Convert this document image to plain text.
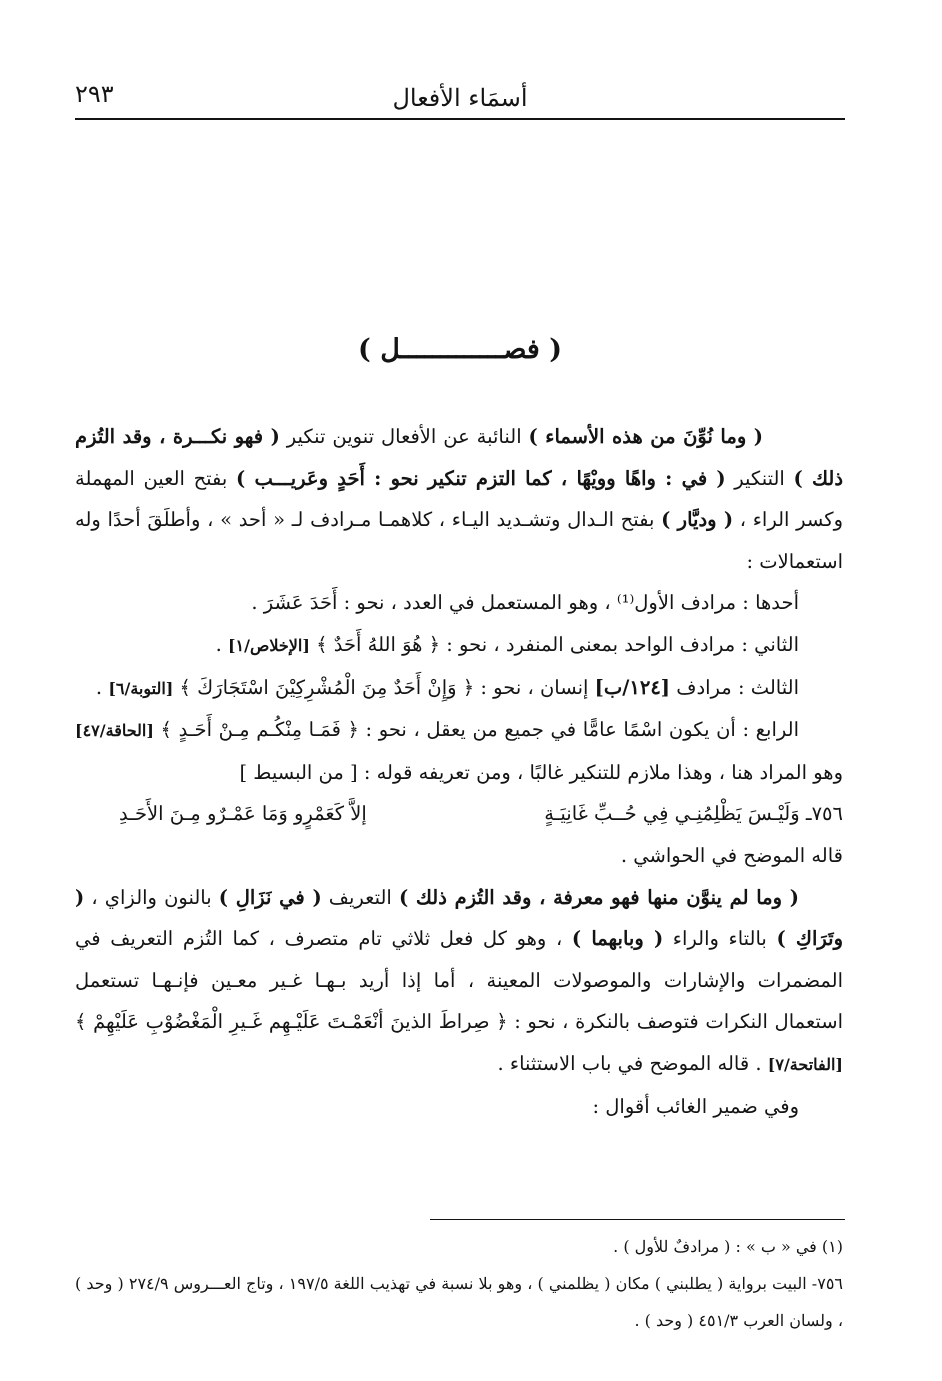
أسمَاء الأفعال
٢٩٣
( فصـــــــــــــل )

( وما نُوِّنَ من هذه الأسماء ) النائبة عن الأفعال تنوين تنكير ( فهو نكـــرة ، وقد التُزم ذلك ) التنكير ( في : واهًا وويْهًا ، كما التزم تنكير نحو : أَحَدٍ وعَريـــب ) بفتح العين المهملة وكسر الراء ، ( وديَّار ) بفتح الـدال وتشـديد اليـاء ، كلاهمـا مـرادف لـ « أحد » ، وأطلَقَ أحدًا وله استعمالات :

أحدها : مرادف الأول⁽¹⁾ ، وهو المستعمل في العدد ، نحو : أَحَدَ عَشَرَ .

الثاني : مرادف الواحد بمعنى المنفرد ، نحو : ﴿ هُوَ اللهُ أَحَدٌ ﴾ [الإخلاص/١] .

الثالث : مرادف [١٢٤/ب] إنسان ، نحو : ﴿ وَإِنْ أَحَدٌ مِنَ الْمُشْرِكِيْنَ اسْتَجَارَكَ ﴾ [التوبة/٦] .

الرابع : أن يكون اسْمًا عامًّا في جميع من يعقل ، نحو : ﴿ فَمَـا مِنْكُـم مِـنْ أَحَـدٍ ﴾ [الحاقة/٤٧] وهو المراد هنا ، وهذا ملازم للتنكير غالبًا ، ومن تعريفه قوله : [ من البسيط ]

٧٥٦ـ وَلَيْـسَ يَظْلِمُنِـي فِي حُــبِّ غَانِيَـةٍ
إلاَّ كَعَمْرٍو وَمَا عَمْـرٌو مِـنَ الأَحَـدِ

قاله الموضح في الحواشي .

( وما لم ينوَّن منها فهو معرفة ، وقد التُزم ذلك ) التعريف ( في نَزَالِ ) بالنون والزاي ، ( وتَرَاكِ ) بالتاء والراء ( وبابهما ) ، وهو كل فعل ثلاثي تام متصرف ، كما التُزم التعريف في المضمرات والإشارات والموصولات المعينة ، أما إذا أريد بـهـا غـير معـين فإنـهـا تستعمل استعمال النكرات فتوصف بالنكرة ، نحو : ﴿ صِراطَ الذينَ أنْعَمْـتَ عَلَيْـهِم غَـيرِ الْمَغْضُوْبِ عَلَيْهِمْ ﴾ [الفاتحة/٧] . قاله الموضح في باب الاستثناء .

وفي ضمير الغائب أقوال :

(١) في « ب » : ( مرادفٌ للأول ) .

٧٥٦- البيت برواية ( يطلبني ) مكان ( يظلمني ) ، وهو بلا نسبة في تهذيب اللغة ١٩٧/٥ ، وتاج العـــروس ٢٧٤/٩ ( وحد ) ، ولسان العرب ٤٥١/٣ ( وحد ) .
